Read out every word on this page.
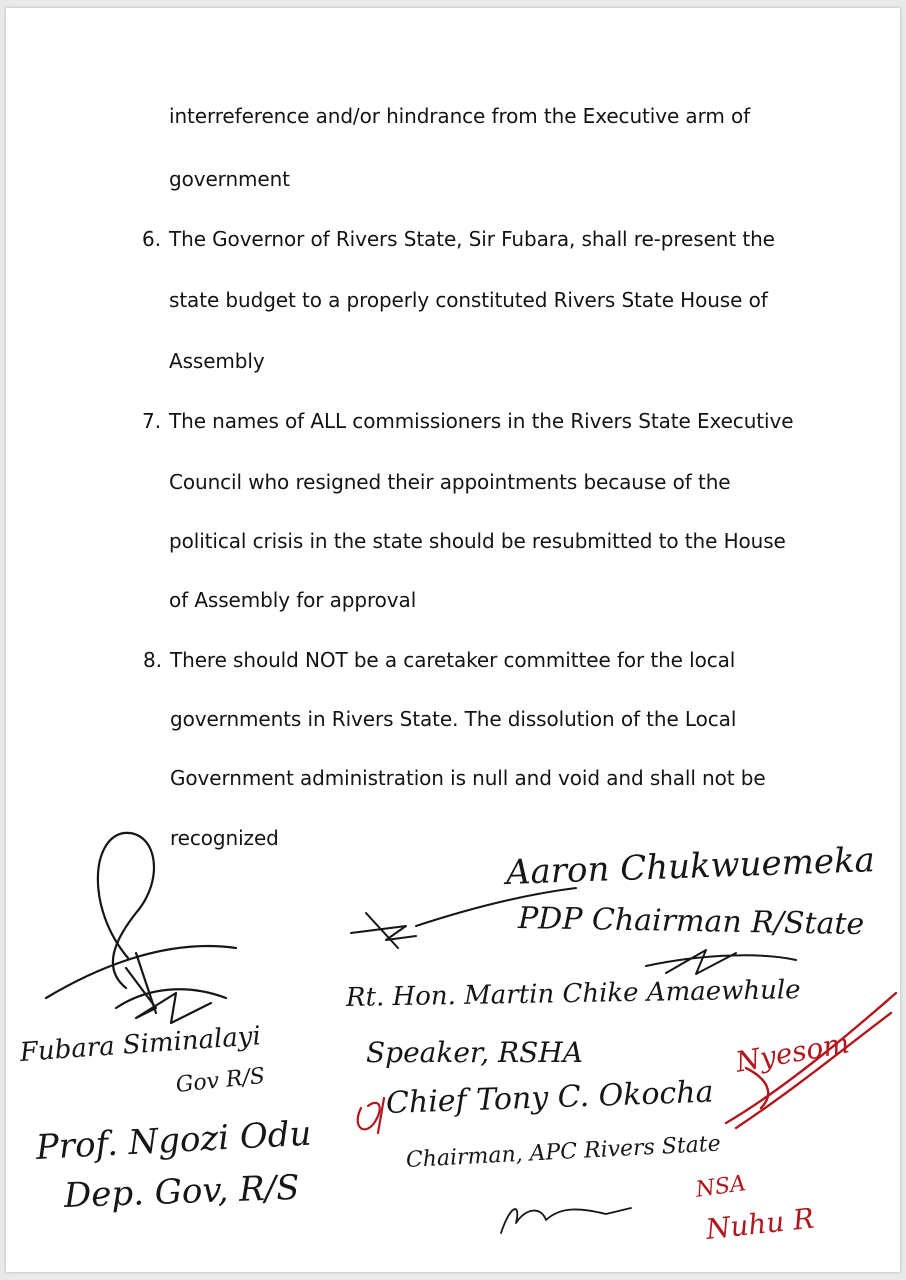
interreference and/or hindrance from the Executive arm of
government
6. The Governor of Rivers State, Sir Fubara, shall re-present the
state budget to a properly constituted Rivers State House of
Assembly
7. The names of ALL commissioners in the Rivers State Executive
Council who resigned their appointments because of the
political crisis in the state should be resubmitted to the House
of Assembly for approval
8. There should NOT be a caretaker committee for the local
governments in Rivers State. The dissolution of the Local
Government administration is null and void and shall not be
recognized
Aaron Chukwuemeka
PDP Chairman R/State
Rt. Hon. Martin Chike Amaewhule
Speaker, RSHA
Chief Tony C. Okocha
Chairman, APC Rivers State
Fubara Siminalayi
Gov R/S
Prof. Ngozi Odu
Dep. Gov, R/S
Nyesom
NSA
Nuhu R
